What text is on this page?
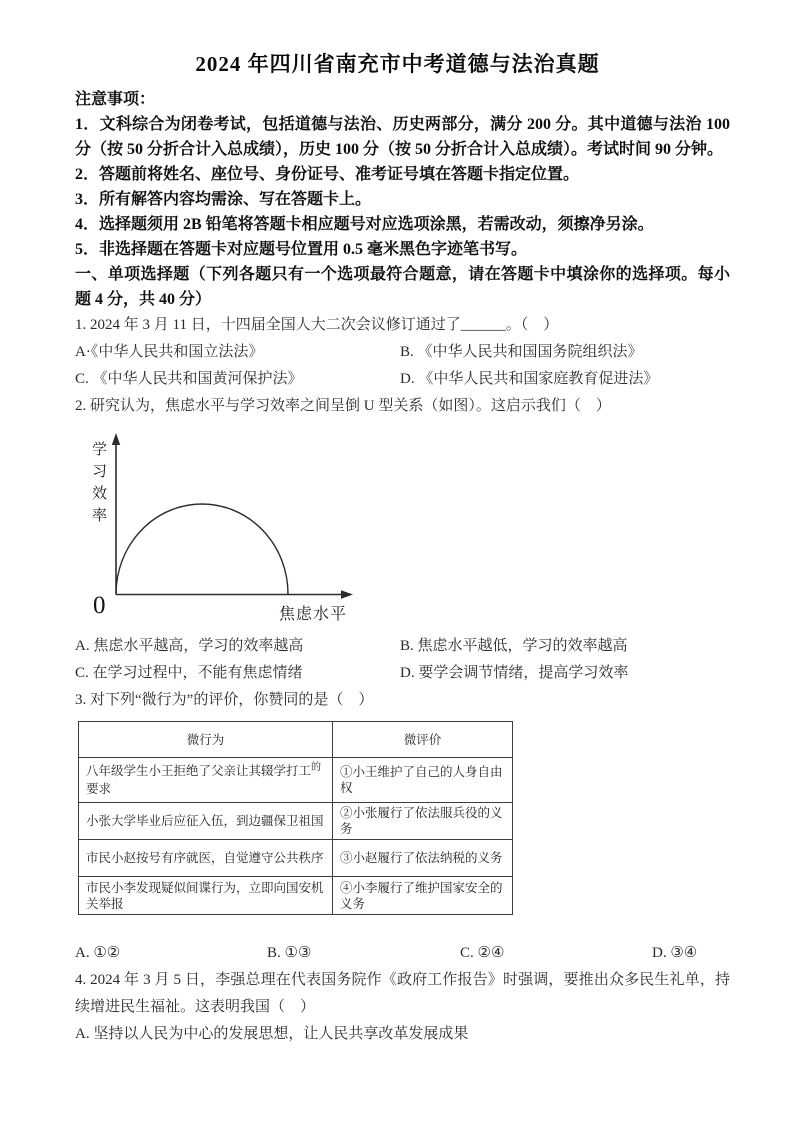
2024 年四川省南充市中考道德与法治真题

注意事项：

1．文科综合为闭卷考试，包括道德与法治、历史两部分，满分 200 分。其中道德与法治 100 分（按 50 分折合计入总成绩），历史 100 分（按 50 分折合计入总成绩）。考试时间 90 分钟。

2．答题前将姓名、座位号、身份证号、准考证号填在答题卡指定位置。

3．所有解答内容均需涂、写在答题卡上。

4．选择题须用 2B 铅笔将答题卡相应题号对应选项涂黑，若需改动，须擦净另涂。

5．非选择题在答题卡对应题号位置用 0.5 毫米黑色字迹笔书写。

一、单项选择题（下列各题只有一个选项最符合题意，请在答题卡中填涂你的选择项。每小题 4 分，共 40 分）

1. 2024 年 3 月 11 日，十四届全国人大二次会议修订通过了______。（　）

A·《中华人民共和国立法法》	B. 《中华人民共和国国务院组织法》
C. 《中华人民共和国黄河保护法》	D. 《中华人民共和国家庭教育促进法》

2. 研究认为，焦虑水平与学习效率之间呈倒 U 型关系（如图）。这启示我们（　）

学习效率
0	焦虑水平
A. 焦虑水平越高，学习的效率越高	B. 焦虑水平越低，学习的效率越高
C. 在学习过程中，不能有焦虑情绪	D. 要学会调节情绪，提高学习效率

3. 对下列“微行为”的评价，你赞同的是（　）

微行为	微评价
八年级学生小王拒绝了父亲让其辍学打工$^的$要求	①小王维护了自己的人身自由权
小张大学毕业后应征入伍，到边疆保卫祖国	②小张履行了依法服兵役的义务
市民小赵按号有序就医，自觉遵守公共秩序	③小赵履行了依法纳税的义务
市民小李发现疑似间谍行为，立即向国安机关举报	④小李履行了维护国家安全的义务
A. ①②	B. ①③	C. ②④	D. ③④

4. 2024 年 3 月 5 日，李强总理在代表国务院作《政府工作报告》时强调，要推出众多民生礼单，持续增进民生福祉。这表明我国（　）

A. 坚持以人民为中心的发展思想，让人民共享改革发展成果
